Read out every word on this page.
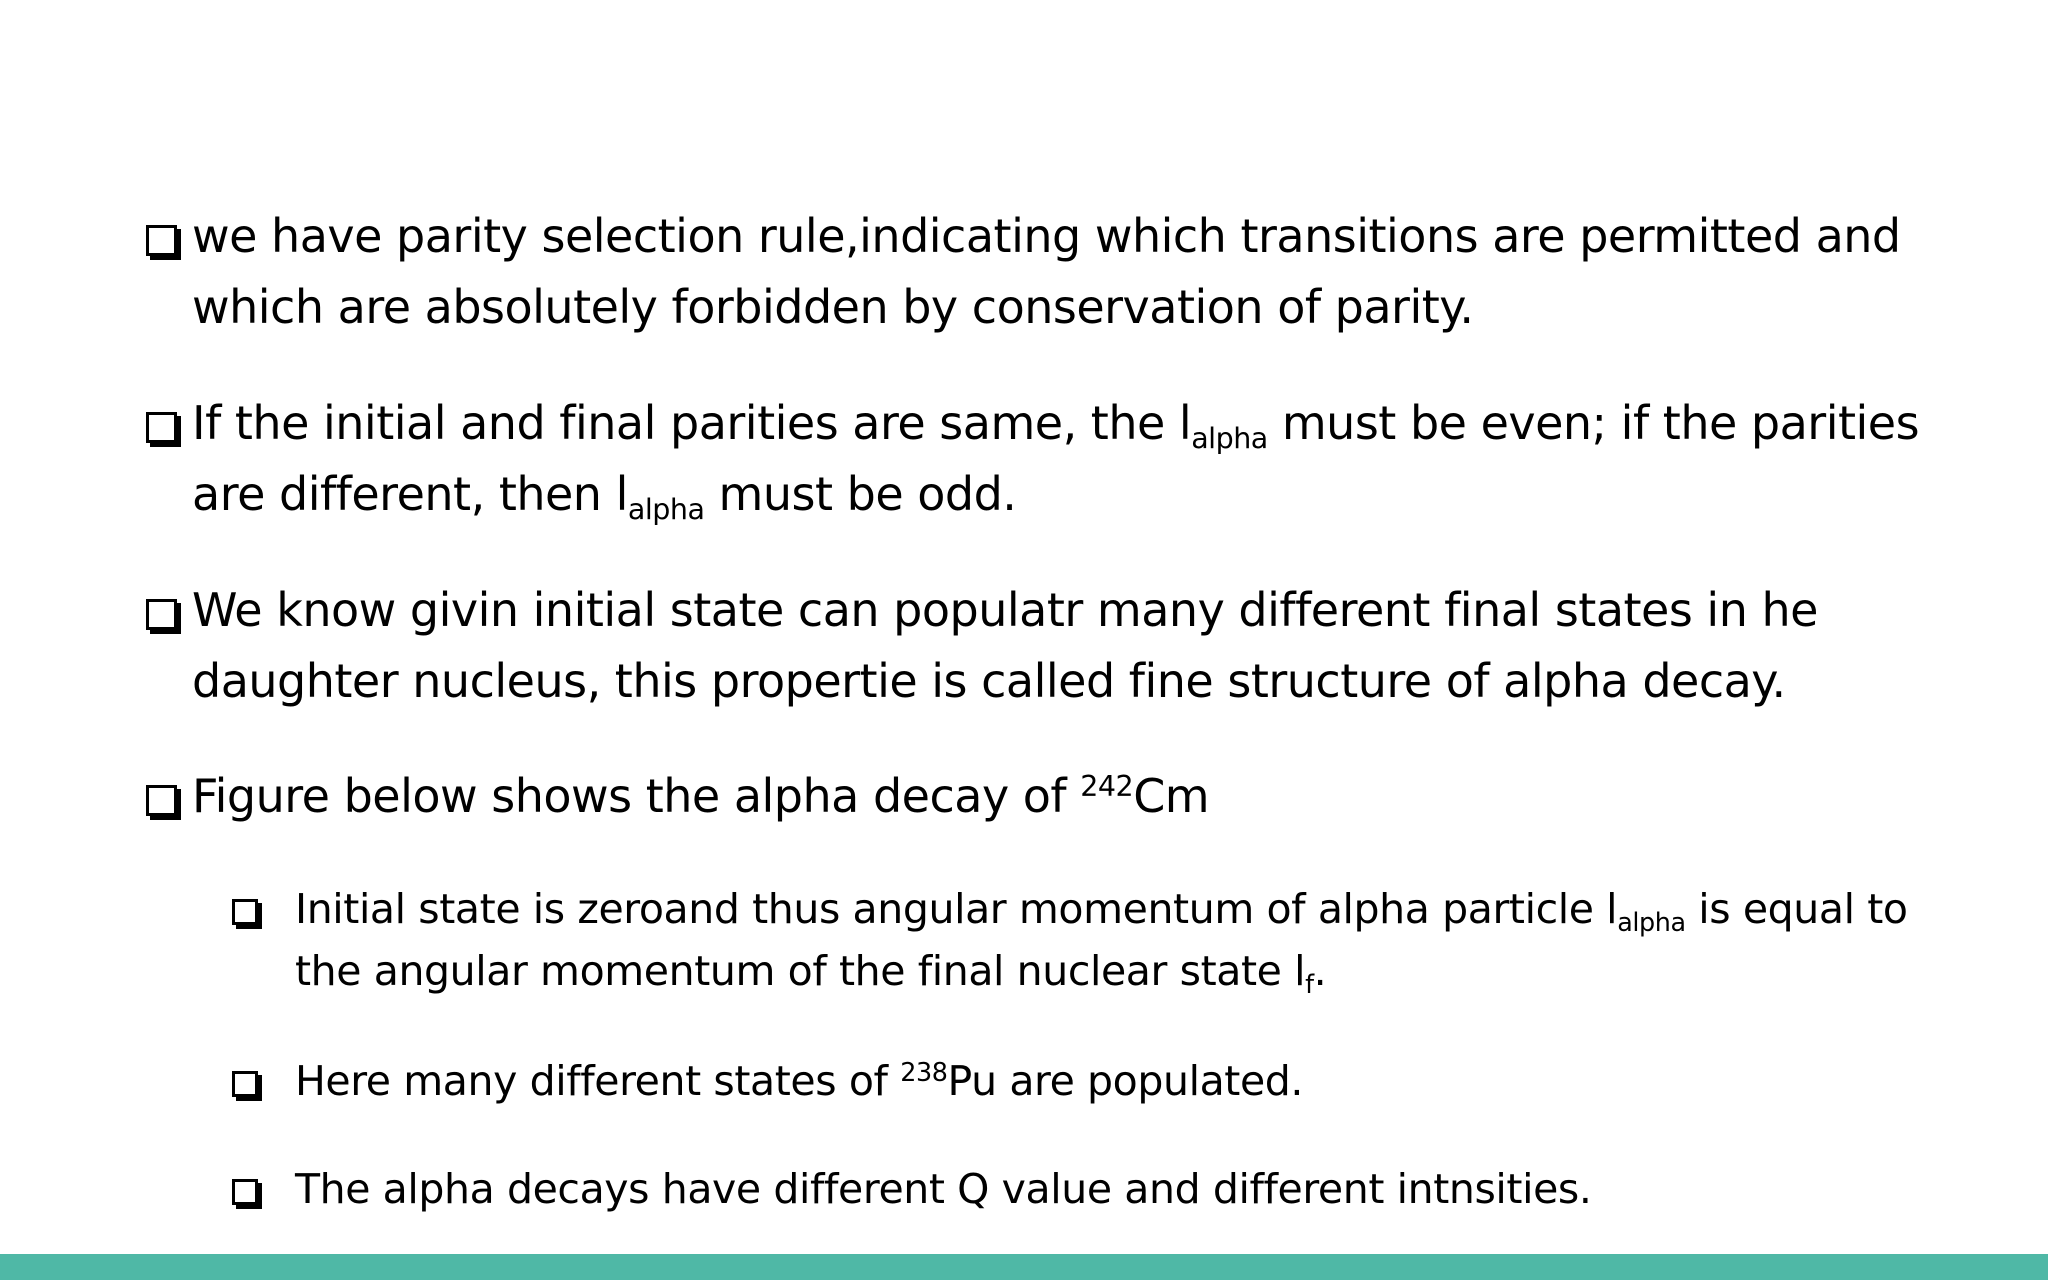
we have parity selection rule,indicating which transitions are permitted and which are absolutely forbidden by conservation of parity.
If the initial and final parities are same, the $l_{alpha}$ must be even; if the parities are different, then $l_{alpha}$ must be odd.
We know givin initial state can populatr many different final states in he daughter nucleus, this propertie is called fine structure of alpha decay.
Figure below shows the alpha decay of $^{242}$Cm
Initial state is zeroand thus angular momentum of alpha particle $l_{alpha}$ is equal to the angular momentum of the final nuclear state $l_f$.
Here many different states of $^{238}$Pu are populated.
The alpha decays have different Q value and different intnsities.
